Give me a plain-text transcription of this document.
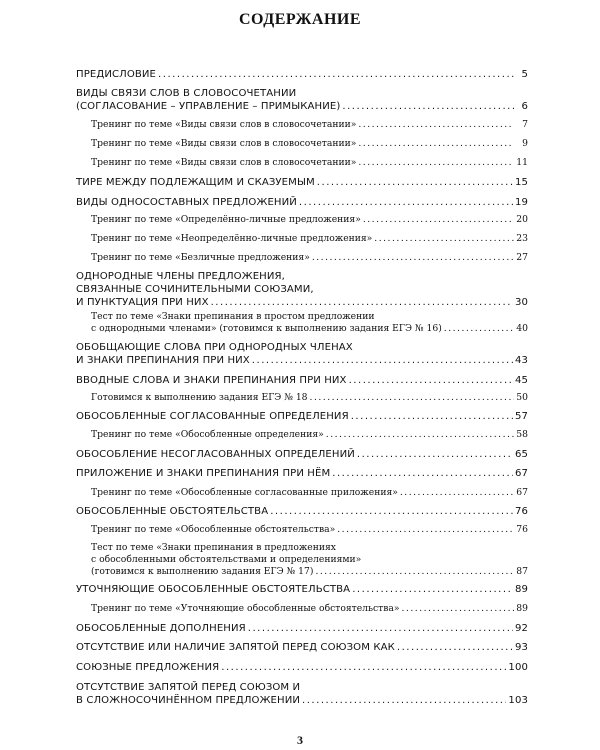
СОДЕРЖАНИЕ
ПРЕДИСЛОВИЕ .....	5
ВИДЫ СВЯЗИ СЛОВ В СЛОВОСОЧЕТАНИИ
(СОГЛАСОВАНИЕ – УПРАВЛЕНИЕ – ПРИМЫКАНИЕ) .....	6
Тренинг по теме «Виды связи слов в словосочетании» .....	7
Тренинг по теме «Виды связи слов в словосочетании» .....	9
Тренинг по теме «Виды связи слов в словосочетании» .....	11
ТИРЕ МЕЖДУ ПОДЛЕЖАЩИМ И СКАЗУЕМЫМ .....	15
ВИДЫ ОДНОСОСТАВНЫХ ПРЕДЛОЖЕНИЙ .....	19
Тренинг по теме «Определённо-личные предложения» .....	20
Тренинг по теме «Неопределённо-личные предложения» .....	23
Тренинг по теме «Безличные предложения» .....	27
ОДНОРОДНЫЕ ЧЛЕНЫ ПРЕДЛОЖЕНИЯ,
СВЯЗАННЫЕ СОЧИНИТЕЛЬНЫМИ СОЮЗАМИ,
И ПУНКТУАЦИЯ ПРИ НИХ .....	30
Тест по теме «Знаки препинания в простом предложении
с однородными членами» (готовимся к выполнению задания ЕГЭ № 16) .....	40
ОБОБЩАЮЩИЕ СЛОВА ПРИ ОДНОРОДНЫХ ЧЛЕНАХ
И ЗНАКИ ПРЕПИНАНИЯ ПРИ НИХ .....	43
ВВОДНЫЕ СЛОВА И ЗНАКИ ПРЕПИНАНИЯ ПРИ НИХ .....	45
Готовимся к выполнению задания ЕГЭ № 18 .....	50
ОБОСОБЛЕННЫЕ СОГЛАСОВАННЫЕ ОПРЕДЕЛЕНИЯ .....	57
Тренинг по теме «Обособленные определения» .....	58
ОБОСОБЛЕНИЕ НЕСОГЛАСОВАННЫХ ОПРЕДЕЛЕНИЙ .....	65
ПРИЛОЖЕНИЕ И ЗНАКИ ПРЕПИНАНИЯ ПРИ НЁМ .....	67
Тренинг по теме «Обособленные согласованные приложения» .....	67
ОБОСОБЛЕННЫЕ ОБСТОЯТЕЛЬСТВА .....	76
Тренинг по теме «Обособленные обстоятельства» .....	76
Тест по теме «Знаки препинания в предложениях
с обособленными обстоятельствами и определениями»
(готовимся к выполнению задания ЕГЭ № 17) .....	87
УТОЧНЯЮЩИЕ ОБОСОБЛЕННЫЕ ОБСТОЯТЕЛЬСТВА .....	89
Тренинг по теме «Уточняющие обособленные обстоятельства» .....	89
ОБОСОБЛЕННЫЕ ДОПОЛНЕНИЯ .....	92
ОТСУТСТВИЕ ИЛИ НАЛИЧИЕ ЗАПЯТОЙ ПЕРЕД СОЮЗОМ КАК .....	93
СОЮЗНЫЕ ПРЕДЛОЖЕНИЯ .....	100
ОТСУТСТВИЕ ЗАПЯТОЙ ПЕРЕД СОЮЗОМ И
В СЛОЖНОСОЧИНЁННОМ ПРЕДЛОЖЕНИИ .....	103
3
